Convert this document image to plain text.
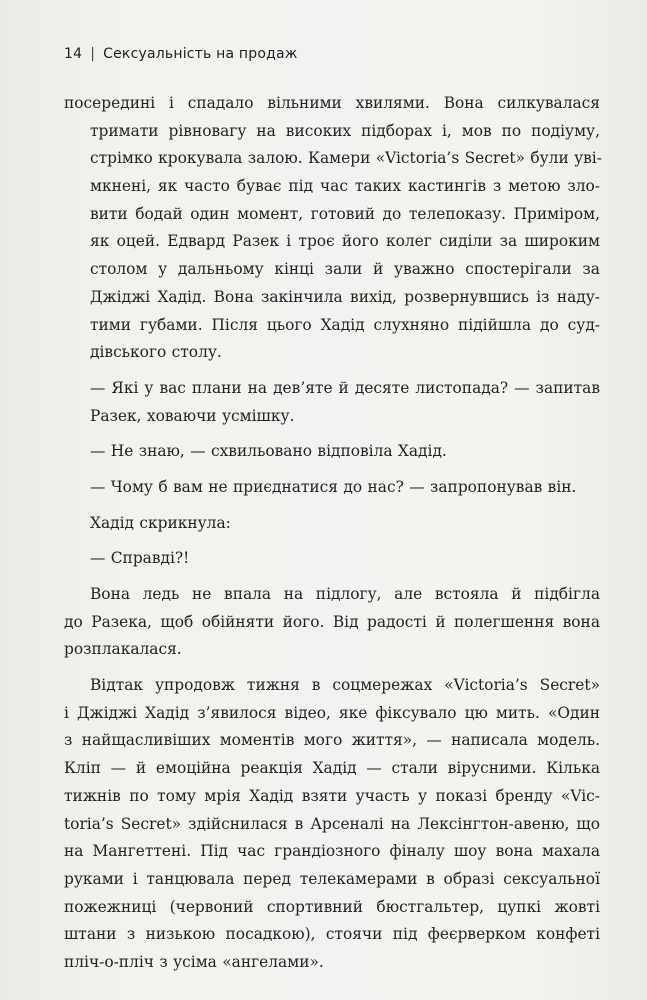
14 | Сексуальність на продаж
посередині і спадало вільними хвилями. Вона силкувалася
тримати рівновагу на високих підборах і, мов по подіуму,
стрімко крокувала залою. Камери «Victoria’s Secret» були уві-
мкнені, як часто буває під час таких кастингів з метою зло-
вити бодай один момент, готовий до телепоказу. Приміром,
як оцей. Едвард Разек і троє його колег сиділи за широким
столом у дальньому кінці зали й уважно спостерігали за
Джіджі Хадід. Вона закінчила вихід, розвернувшись із наду-
тими губами. Після цього Хадід слухняно підійшла до суд-
дівського столу.
— Які у вас плани на дев’яте й десяте листопада? — запитав
Разек, ховаючи усмішку.
— Не знаю, — схвильовано відповіла Хадід.
— Чому б вам не приєднатися до нас? — запропонував він.
Хадід скрикнула:
— Справді?!
Вона ледь не впала на підлогу, але встояла й підбігла
до Разека, щоб обійняти його. Від радості й полегшення вона
розплакалася.
Відтак упродовж тижня в соцмережах «Victoria’s Secret»
і Джіджі Хадід з’явилося відео, яке фіксувало цю мить. «Один
з найщасливіших моментів мого життя», — написала модель.
Кліп — й емоційна реакція Хадід — стали вірусними. Кілька
тижнів по тому мрія Хадід взяти участь у показі бренду «Vic-
toria’s Secret» здійснилася в Арсеналі на Лексінгтон-авеню, що
на Мангеттені. Під час грандіозного фіналу шоу вона махала
руками і танцювала перед телекамерами в образі сексуальної
пожежниці (червоний спортивний бюстгальтер, цупкі жовті
штани з низькою посадкою), стоячи під феєрверком конфеті
пліч-о-пліч з усіма «ангелами».
